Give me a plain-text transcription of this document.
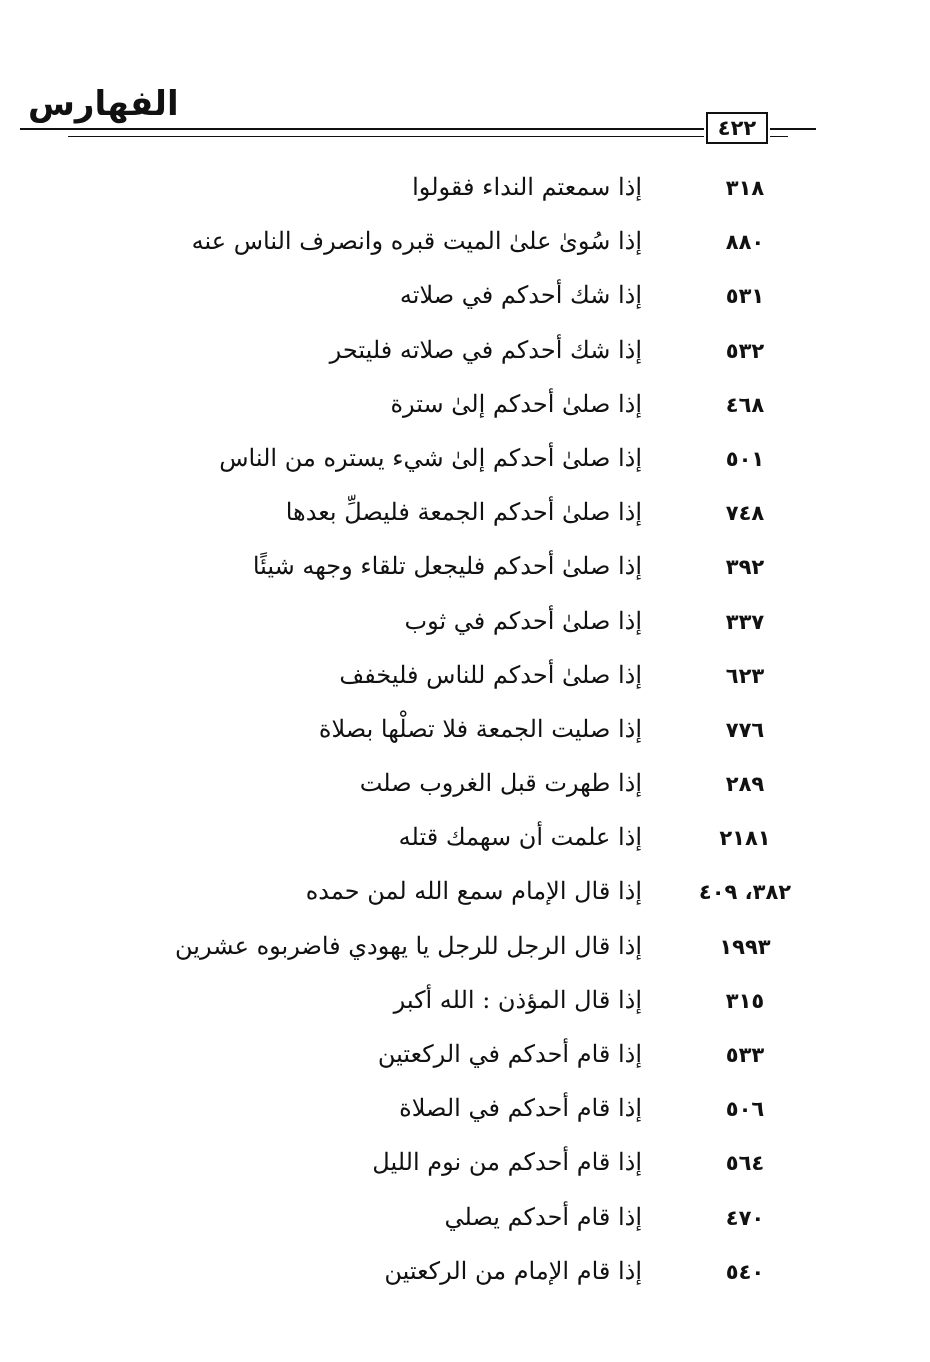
الفهارس
٤٢٢
٣١٨
إذا سمعتم النداء فقولوا
٨٨٠
إذا سُوىٰ علىٰ الميت قبره وانصرف الناس عنه
٥٣١
إذا شك أحدكم في صلاته
٥٣٢
إذا شك أحدكم في صلاته فليتحر
٤٦٨
إذا صلىٰ أحدكم إلىٰ سترة
٥٠١
إذا صلىٰ أحدكم إلىٰ شيء يستره من الناس
٧٤٨
إذا صلىٰ أحدكم الجمعة فليصلِّ بعدها
٣٩٢
إذا صلىٰ أحدكم فليجعل تلقاء وجهه شيئًا
٣٣٧
إذا صلىٰ أحدكم في ثوب
٦٢٣
إذا صلىٰ أحدكم للناس فليخفف
٧٧٦
إذا صليت الجمعة فلا تصلْها بصلاة
٢٨٩
إذا طهرت قبل الغروب صلت
٢١٨١
إذا علمت أن سهمك قتله
٣٨٢، ٤٠٩
إذا قال الإمام سمع الله لمن حمده
١٩٩٣
إذا قال الرجل للرجل يا يهودي فاضربوه عشرين
٣١٥
إذا قال المؤذن : الله أكبر
٥٣٣
إذا قام أحدكم في الركعتين
٥٠٦
إذا قام أحدكم في الصلاة
٥٦٤
إذا قام أحدكم من نوم الليل
٤٧٠
إذا قام أحدكم يصلي
٥٤٠
إذا قام الإمام من الركعتين
